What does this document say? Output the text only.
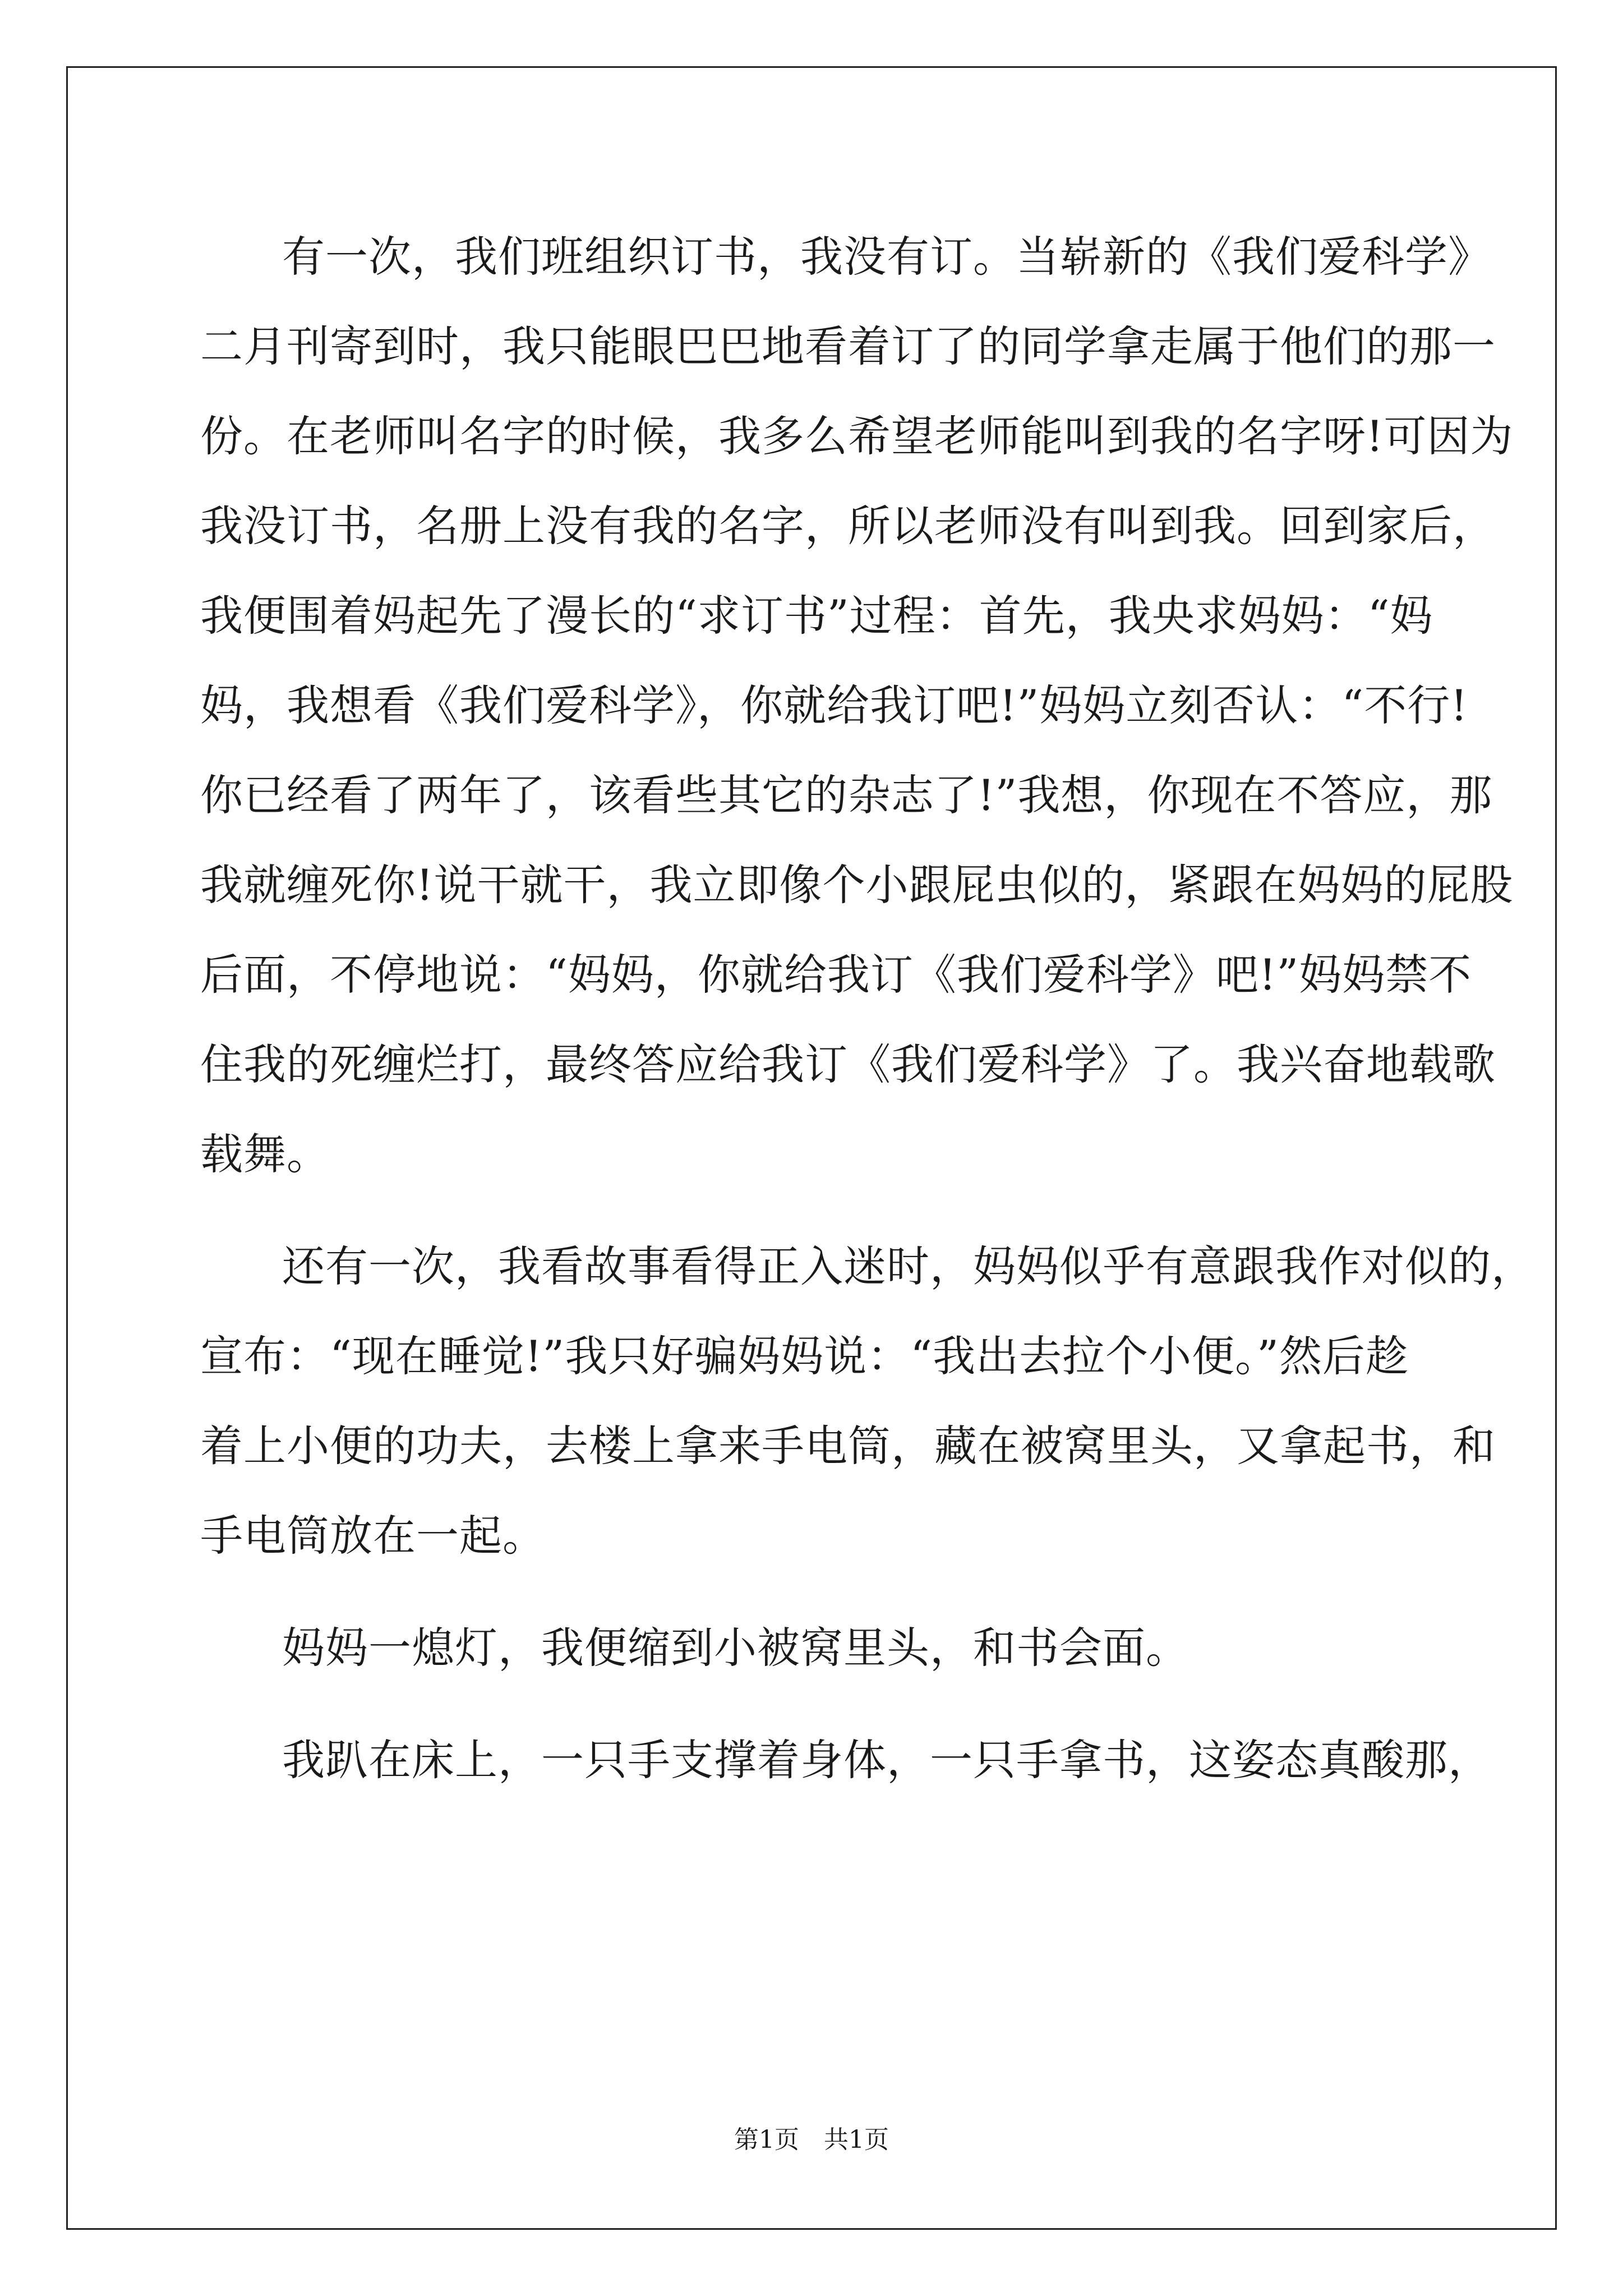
有一次，我们班组织订书，我没有订。当崭新的《我们爱科学》
二月刊寄到时，我只能眼巴巴地看着订了的同学拿走属于他们的那一
份。在老师叫名字的时候，我多么希望老师能叫到我的名字呀!可因为
我没订书，名册上没有我的名字，所以老师没有叫到我。回到家后，
我便围着妈起先了漫长的“求订书”过程：首先，我央求妈妈：“妈
妈，我想看《我们爱科学》，你就给我订吧!”妈妈立刻否认：“不行!
你已经看了两年了，该看些其它的杂志了!”我想，你现在不答应，那
我就缠死你!说干就干，我立即像个小跟屁虫似的，紧跟在妈妈的屁股
后面，不停地说：“妈妈，你就给我订《我们爱科学》吧!”妈妈禁不
住我的死缠烂打，最终答应给我订《我们爱科学》了。我兴奋地载歌
载舞。
还有一次，我看故事看得正入迷时，妈妈似乎有意跟我作对似的，
宣布：“现在睡觉!”我只好骗妈妈说：“我出去拉个小便。”然后趁
着上小便的功夫，去楼上拿来手电筒，藏在被窝里头，又拿起书，和
手电筒放在一起。
妈妈一熄灯，我便缩到小被窝里头，和书会面。
我趴在床上，一只手支撑着身体，一只手拿书，这姿态真酸那，
第1页　共1页
